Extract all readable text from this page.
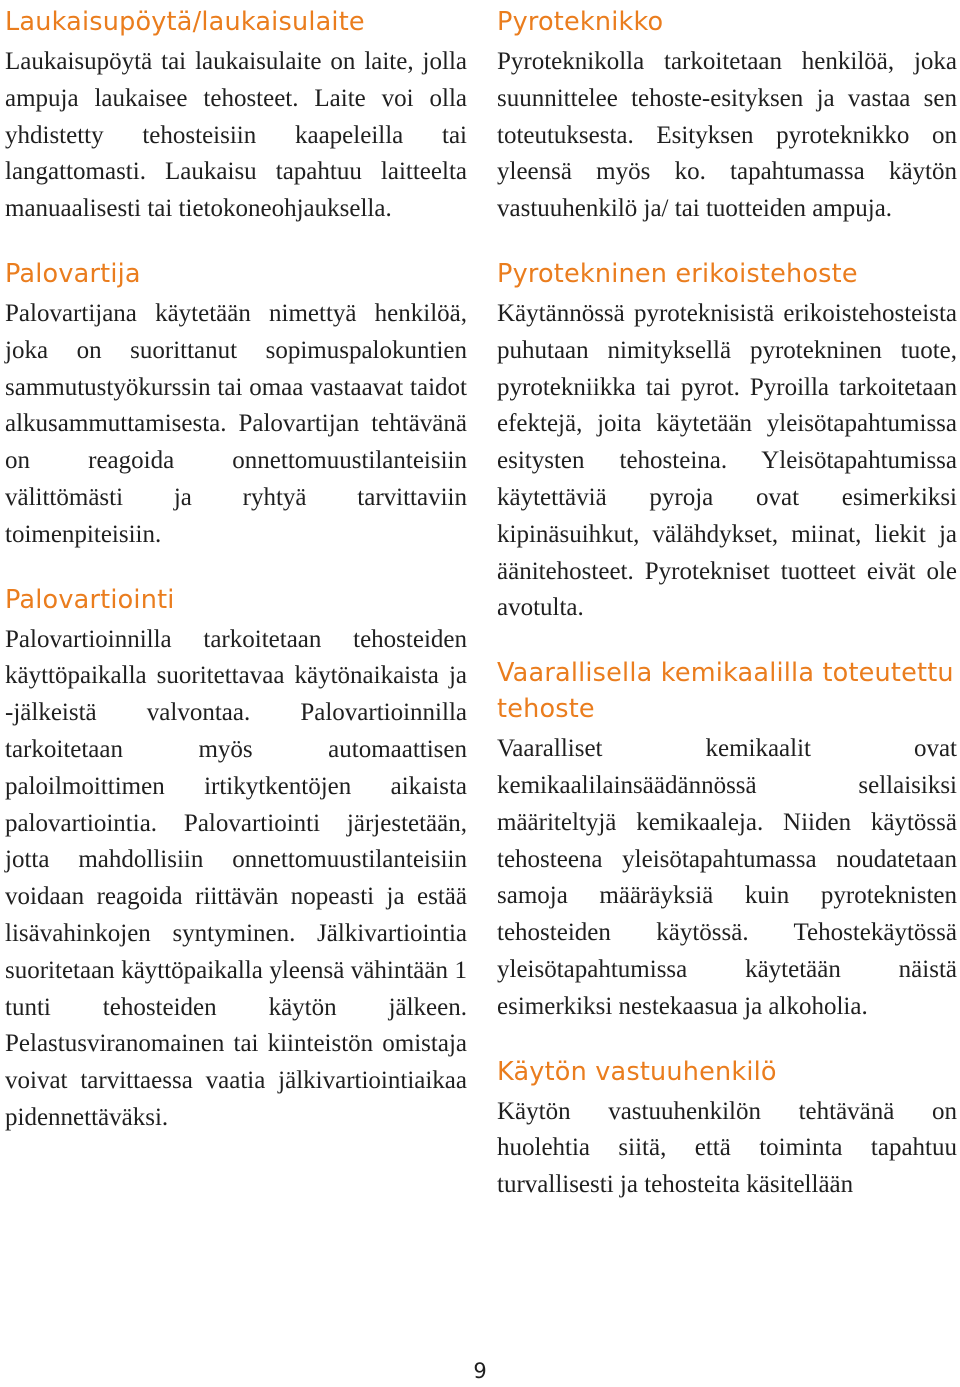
Laukaisupöytä/laukaisulaite

Laukaisupöytä tai laukaisulaite on laite, jolla ampuja laukaisee tehosteet. Laite voi olla yhdistetty tehosteisiin kaapeleilla tai langattomasti. Laukaisu tapahtuu laitteelta manuaalisesti tai tietokoneohjauksella.

Palovartija

Palovartijana käytetään nimettyä henkilöä, joka on suorittanut sopimuspalokuntien sammutustyökurssin tai omaa vastaavat taidot alkusammuttamisesta. Palovartijan tehtävänä on reagoida onnettomuustilanteisiin välittömästi ja ryhtyä tarvittaviin toimenpiteisiin.

Palovartiointi

Palovartioinnilla tarkoitetaan tehosteiden käyttöpaikalla suoritettavaa käytönaikaista ja -jälkeistä valvontaa. Palovartioinnilla tarkoitetaan myös automaattisen paloilmoittimen irtikytkentöjen aikaista palovartiointia. Palovartiointi järjestetään, jotta mahdollisiin onnettomuustilanteisiin voidaan reagoida riittävän nopeasti ja estää lisävahinkojen syntyminen. Jälkivartiointia suoritetaan käyttöpaikalla yleensä vähintään 1 tunti tehosteiden käytön jälkeen. Pelastusviranomainen tai kiinteistön omistaja voivat tarvittaessa vaatia jälkivartiointiaikaa pidennettäväksi.

Pyroteknikko

Pyroteknikolla tarkoitetaan henkilöä, joka suunnittelee tehoste-esityksen ja vastaa sen toteutuksesta. Esityksen pyroteknikko on yleensä myös ko. tapahtumassa käytön vastuuhenkilö ja/ tai tuotteiden ampuja.

Pyrotekninen erikoistehoste

Käytännössä pyroteknisistä erikoistehosteista puhutaan nimityksellä pyrotekninen tuote, pyrotekniikka tai pyrot. Pyroilla tarkoitetaan efektejä, joita käytetään yleisötapahtumissa esitysten tehosteina. Yleisötapahtumissa käytettäviä pyroja ovat esimerkiksi kipinäsuihkut, välähdykset, miinat, liekit ja äänitehosteet. Pyrotekniset tuotteet eivät ole avotulta.

Vaarallisella kemikaalilla toteutettu tehoste

Vaaralliset kemikaalit ovat kemikaalilainsäädännössä sellaisiksi määriteltyjä kemikaaleja. Niiden käytössä tehosteena yleisötapahtumassa noudatetaan samoja määräyksiä kuin pyroteknisten tehosteiden käytössä. Tehostekäytössä yleisötapahtumissa käytetään näistä esimerkiksi nestekaasua ja alkoholia.

Käytön vastuuhenkilö

Käytön vastuuhenkilön tehtävänä on huolehtia siitä, että toiminta tapahtuu turvallisesti ja tehosteita käsitellään

9
